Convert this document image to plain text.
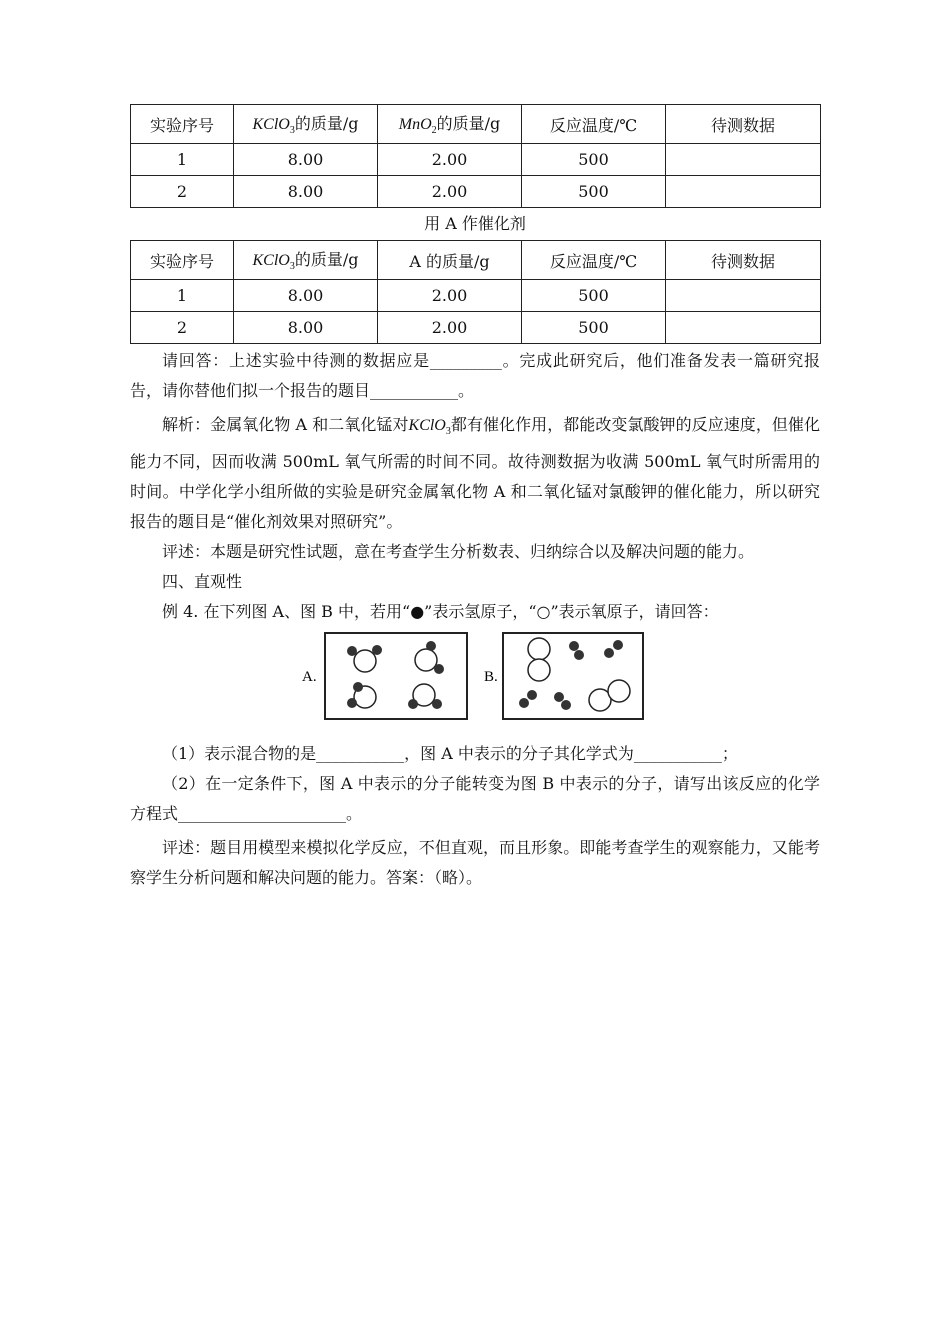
实验序号	KClO$_3$的质量/g	MnO$_2$的质量/g	反应温度/℃	待测数据
1	8.00	2.00	500	
2	8.00	2.00	500	
用 A 作催化剂
实验序号	KClO$_3$的质量/g	A 的质量/g	反应温度/℃	待测数据
1	8.00	2.00	500	
2	8.00	2.00	500	

请回答：上述实验中待测的数据应是_________。完成此研究后，他们准备发表一篇研究报告，请你替他们拟一个报告的题目___________。

解析：金属氧化物 A 和二氧化锰对KClO$_3$都有催化作用，都能改变氯酸钾的反应速度，但催化能力不同，因而收满 500mL 氧气所需的时间不同。故待测数据为收满 500mL 氧气时所需用的时间。中学化学小组所做的实验是研究金属氧化物 A 和二氧化锰对氯酸钾的催化能力，所以研究报告的题目是“催化剂效果对照研究”。

评述：本题是研究性试题，意在考查学生分析数表、归纳综合以及解决问题的能力。

四、直观性

例 4. 在下列图 A、图 B 中，若用“●”表示氢原子，“○”表示氧原子，请回答：

A.	B.

（1）表示混合物的是___________，图 A 中表示的分子其化学式为___________；

（2）在一定条件下，图 A 中表示的分子能转变为图 B 中表示的分子，请写出该反应的化学方程式_____________________。

评述：题目用模型来模拟化学反应，不但直观，而且形象。即能考查学生的观察能力，又能考察学生分析问题和解决问题的能力。答案：（略）。
